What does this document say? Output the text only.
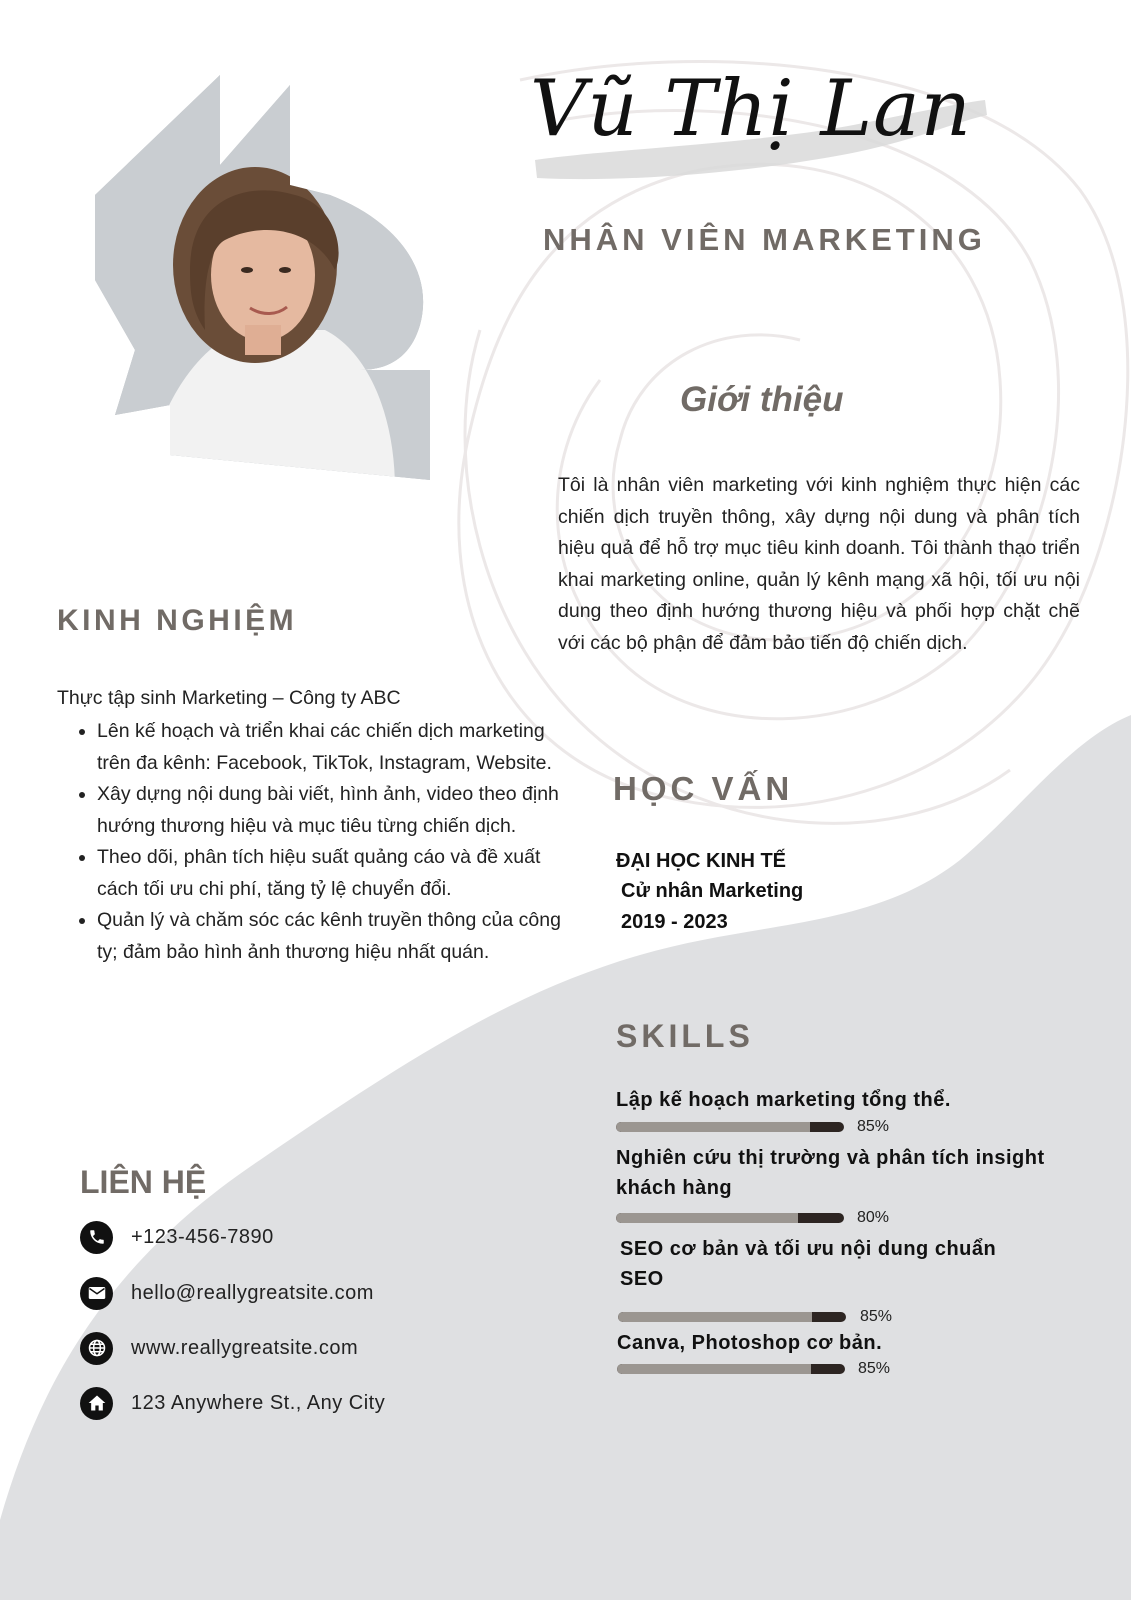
Vũ Thị Lan
NHÂN VIÊN MARKETING
Giới thiệu
Tôi là nhân viên marketing với kinh nghiệm thực hiện các chiến dịch truyền thông, xây dựng nội dung và phân tích hiệu quả để hỗ trợ mục tiêu kinh doanh. Tôi thành thạo triển khai marketing online, quản lý kênh mạng xã hội, tối ưu nội dung theo định hướng thương hiệu và phối hợp chặt chẽ với các bộ phận để đảm bảo tiến độ chiến dịch.
KINH NGHIỆM
Thực tập sinh Marketing – Công ty ABC
• Lên kế hoạch và triển khai các chiến dịch marketing trên đa kênh: Facebook, TikTok, Instagram, Website.
• Xây dựng nội dung bài viết, hình ảnh, video theo định hướng thương hiệu và mục tiêu từng chiến dịch.
• Theo dõi, phân tích hiệu suất quảng cáo và đề xuất cách tối ưu chi phí, tăng tỷ lệ chuyển đổi.
• Quản lý và chăm sóc các kênh truyền thông của công ty; đảm bảo hình ảnh thương hiệu nhất quán.
LIÊN HỆ
+123-456-7890
hello@reallygreatsite.com
www.reallygreatsite.com
123 Anywhere St., Any City
HỌC VẤN
ĐẠI HỌC KINH TẾ
Cử nhân Marketing
2019 - 2023
SKILLS
Lập kế hoạch marketing tổng thể.
85%
Nghiên cứu thị trường và phân tích insight khách hàng
80%
SEO cơ bản và tối ưu nội dung chuẩn SEO
85%
Canva, Photoshop cơ bản.
85%
